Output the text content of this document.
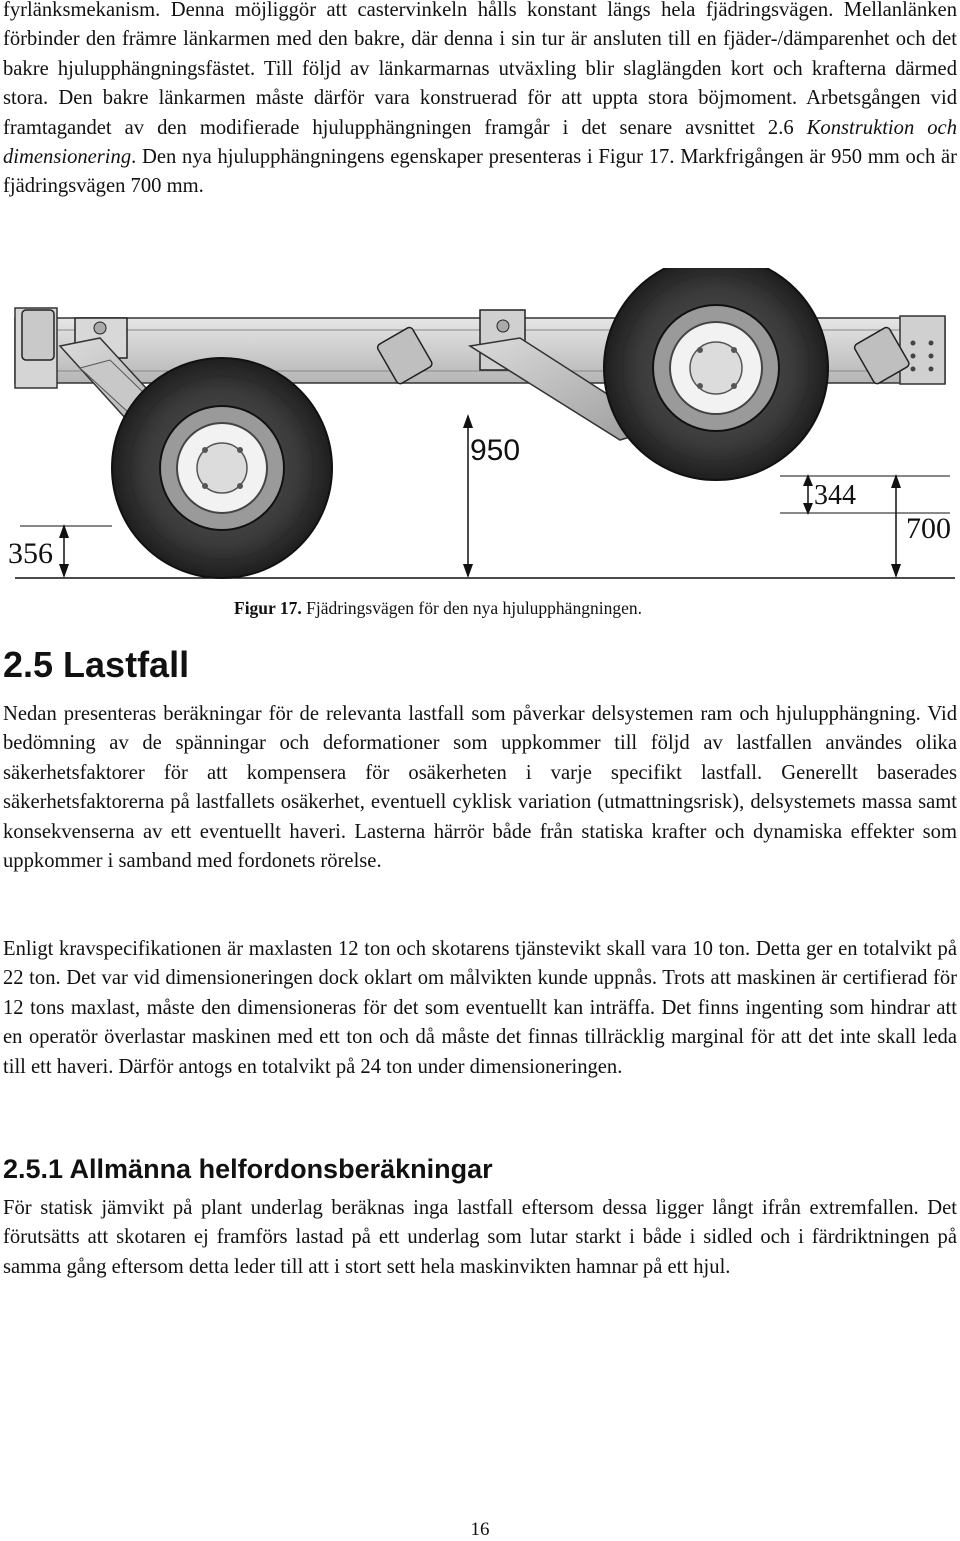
fyrlänksmekanism. Denna möjliggör att castervinkeln hålls konstant längs hela fjädringsvägen. Mellanlänken förbinder den främre länkarmen med den bakre, där denna i sin tur är ansluten till en fjäder-/dämparenhet och det bakre hjulupphängningsfästet. Till följd av länkarmarnas utväxling blir slaglängden kort och krafterna därmed stora. Den bakre länkarmen måste därför vara konstruerad för att uppta stora böjmoment. Arbetsgången vid framtagandet av den modifierade hjulupphängningen framgår i det senare avsnittet 2.6 Konstruktion och dimensionering. Den nya hjulupphängningens egenskaper presenteras i Figur 17. Markfrigången är 950 mm och är fjädringsvägen 700 mm.
950
356
344
700
Figur 17. Fjädringsvägen för den nya hjulupphängningen.
2.5 Lastfall
Nedan presenteras beräkningar för de relevanta lastfall som påverkar delsystemen ram och hjulupphängning. Vid bedömning av de spänningar och deformationer som uppkommer till följd av lastfallen användes olika säkerhetsfaktorer för att kompensera för osäkerheten i varje specifikt lastfall. Generellt baserades säkerhetsfaktorerna på lastfallets osäkerhet, eventuell cyklisk variation (utmattningsrisk), delsystemets massa samt konsekvenserna av ett eventuellt haveri. Lasterna härrör både från statiska krafter och dynamiska effekter som uppkommer i samband med fordonets rörelse.
Enligt kravspecifikationen är maxlasten 12 ton och skotarens tjänstevikt skall vara 10 ton. Detta ger en totalvikt på 22 ton. Det var vid dimensioneringen dock oklart om målvikten kunde uppnås. Trots att maskinen är certifierad för 12 tons maxlast, måste den dimensioneras för det som eventuellt kan inträffa. Det finns ingenting som hindrar att en operatör överlastar maskinen med ett ton och då måste det finnas tillräcklig marginal för att det inte skall leda till ett haveri. Därför antogs en totalvikt på 24 ton under dimensioneringen.
2.5.1 Allmänna helfordonsberäkningar
För statisk jämvikt på plant underlag beräknas inga lastfall eftersom dessa ligger långt ifrån extremfallen. Det förutsätts att skotaren ej framförs lastad på ett underlag som lutar starkt i både i sidled och i färdriktningen på samma gång eftersom detta leder till att i stort sett hela maskinvikten hamnar på ett hjul.
16
